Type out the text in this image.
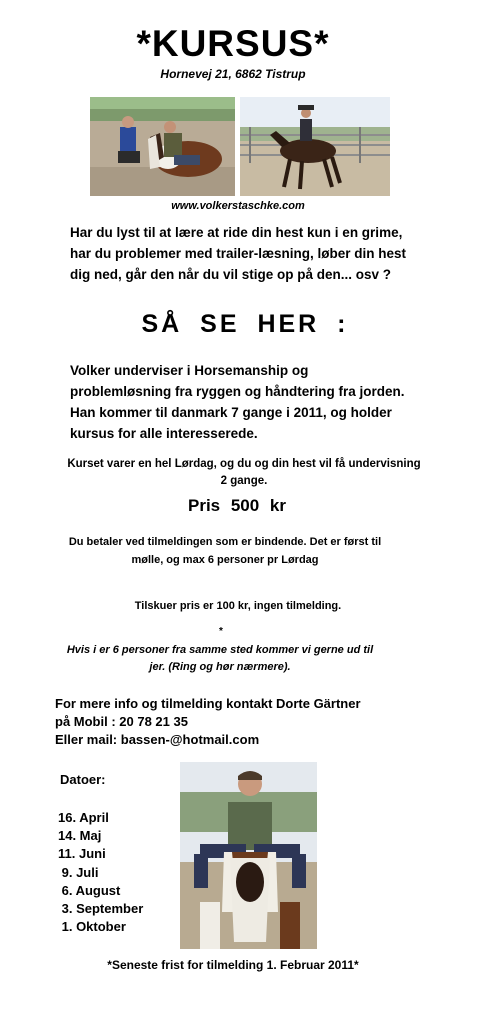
*KURSUS*
Hornevej 21, 6862 Tistrup
www.volkerstaschke.com
Har du lyst til at lære at ride din hest kun i en grime, har du problemer med trailer-læsning, løber din hest dig ned, går den når du vil stige op på den... osv ?
SÅ SE HER :
Volker underviser i Horsemanship og problemløsning fra ryggen og håndtering fra jorden. Han kommer til danmark 7 gange i 2011, og holder kursus for alle interesserede.
Kurset varer en hel Lørdag, og du og din hest vil få undervisning 2 gange.
Pris 500 kr
Du betaler ved tilmeldingen som er bindende. Det er først til mølle, og max 6 personer pr Lørdag
Tilskuer pris er 100 kr, ingen tilmelding.
*
Hvis i er 6 personer fra samme sted kommer vi gerne ud til jer. (Ring og hør nærmere).
For mere info og tilmelding kontakt Dorte Gärtner
på Mobil : 20 78 21 35
Eller mail: bassen-@hotmail.com
Datoer:
16. April
14. Maj
11. Juni
9. Juli
6. August
3. September
1. Oktober
*Seneste frist for tilmelding 1. Februar 2011*
